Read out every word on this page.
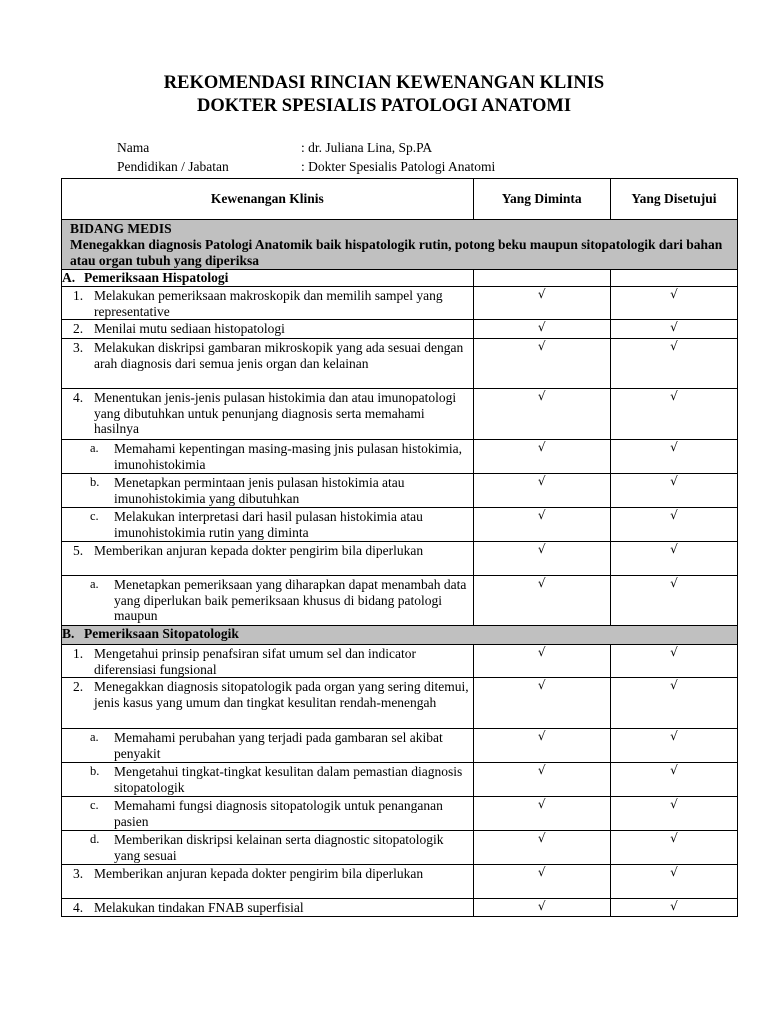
REKOMENDASI RINCIAN KEWENANGAN KLINIS
DOKTER SPESIALIS PATOLOGI ANATOMI
Nama	: dr. Juliana Lina, Sp.PA
Pendidikan / Jabatan	: Dokter Spesialis Patologi Anatomi
Kewenangan Klinis	Yang Diminta	Yang Disetujui

BIDANG MEDIS
Menegakkan diagnosis Patologi Anatomik baik hispatologik rutin, potong beku maupun sitopatologik dari bahan atau organ tubuh yang diperiksa		

A. Pemeriksaan Hispatologi		

1. Melakukan pemeriksaan makroskopik dan memilih sampel yang representative	√	√

2. Menilai mutu sediaan histopatologi	√	√

3. Melakukan diskripsi gambaran mikroskopik yang ada sesuai dengan arah diagnosis dari semua jenis organ dan kelainan	√	√

4. Menentukan jenis-jenis pulasan histokimia dan atau imunopatologi yang dibutuhkan untuk penunjang diagnosis serta memahami hasilnya	√	√

a. Memahami kepentingan masing-masing jnis pulasan histokimia, imunohistokimia	√	√

b. Menetapkan permintaan jenis pulasan histokimia atau imunohistokimia yang dibutuhkan	√	√

c. Melakukan interpretasi dari hasil pulasan histokimia atau imunohistokimia rutin yang diminta	√	√

5. Memberikan anjuran kepada dokter pengirim bila diperlukan	√	√

a. Menetapkan pemeriksaan yang diharapkan dapat menambah data yang diperlukan baik pemeriksaan khusus di bidang patologi maupun	√	√
B. Pemeriksaan Sitopatologik		

1. Mengetahui prinsip penafsiran sifat umum sel dan indicator diferensiasi fungsional	√	√

2. Menegakkan diagnosis sitopatologik pada organ yang sering ditemui, jenis kasus yang umum dan tingkat kesulitan rendah-menengah	√	√

a. Memahami perubahan yang terjadi pada gambaran sel akibat penyakit	√	√

b. Mengetahui tingkat-tingkat kesulitan dalam pemastian diagnosis sitopatologik	√	√

c. Memahami fungsi diagnosis sitopatologik untuk penanganan pasien	√	√

d. Memberikan diskripsi kelainan serta diagnostic sitopatologik yang sesuai	√	√

3. Memberikan anjuran kepada dokter pengirim bila diperlukan	√	√

4. Melakukan tindakan FNAB superfisial	√	√
